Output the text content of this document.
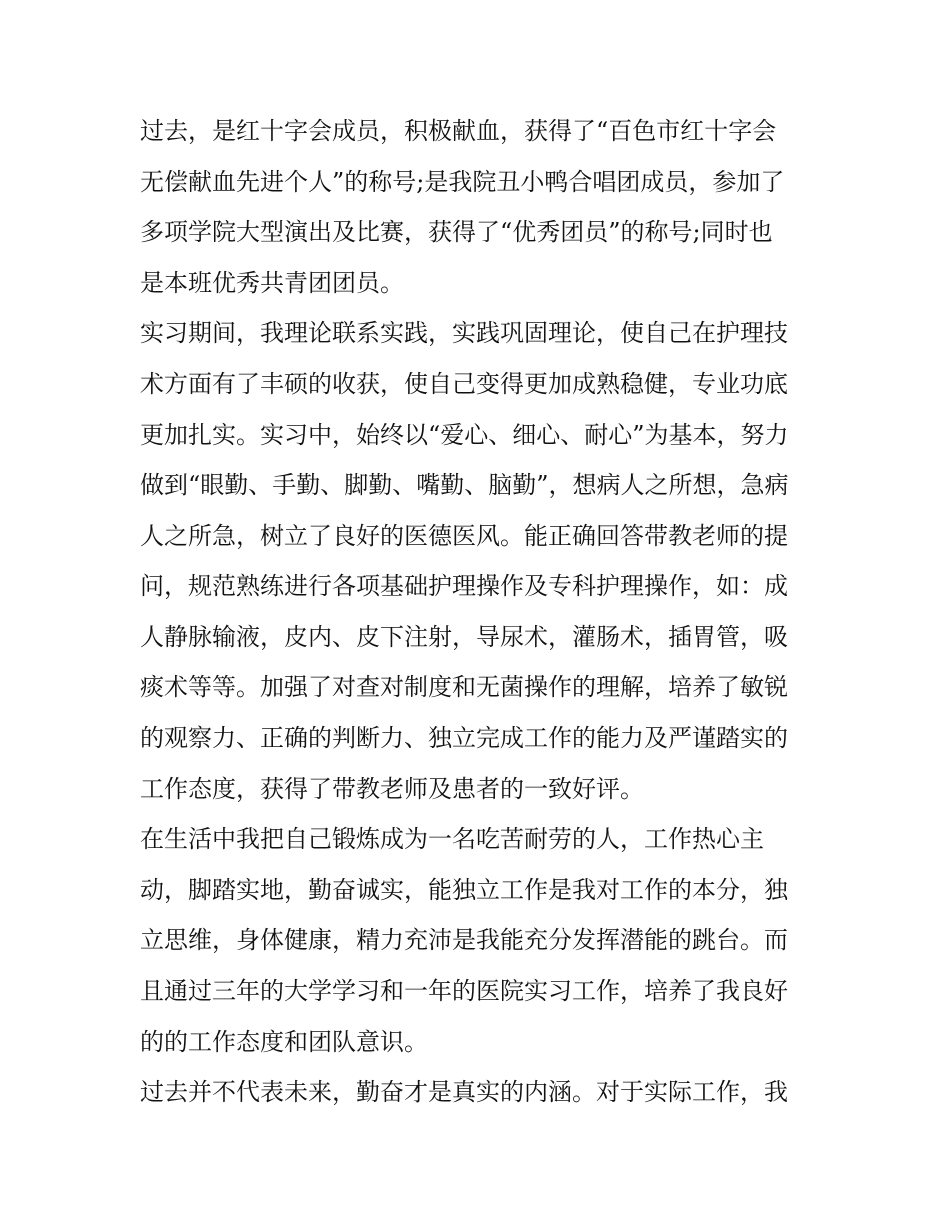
过去，是红十字会成员，积极献血，获得了“百色市红十字会
无偿献血先进个人”的称号;是我院丑小鸭合唱团成员，参加了
多项学院大型演出及比赛，获得了“优秀团员”的称号;同时也
是本班优秀共青团团员。
实习期间，我理论联系实践，实践巩固理论，使自己在护理技
术方面有了丰硕的收获，使自己变得更加成熟稳健，专业功底
更加扎实。实习中，始终以“爱心、细心、耐心”为基本，努力
做到“眼勤、手勤、脚勤、嘴勤、脑勤”，想病人之所想，急病
人之所急，树立了良好的医德医风。能正确回答带教老师的提
问，规范熟练进行各项基础护理操作及专科护理操作，如：成
人静脉输液，皮内、皮下注射，导尿术，灌肠术，插胃管，吸
痰术等等。加强了对查对制度和无菌操作的理解，培养了敏锐
的观察力、正确的判断力、独立完成工作的能力及严谨踏实的
工作态度，获得了带教老师及患者的一致好评。
在生活中我把自己锻炼成为一名吃苦耐劳的人，工作热心主
动，脚踏实地，勤奋诚实，能独立工作是我对工作的本分，独
立思维，身体健康，精力充沛是我能充分发挥潜能的跳台。而
且通过三年的大学学习和一年的医院实习工作，培养了我良好
的的工作态度和团队意识。
过去并不代表未来，勤奋才是真实的内涵。对于实际工作，我
